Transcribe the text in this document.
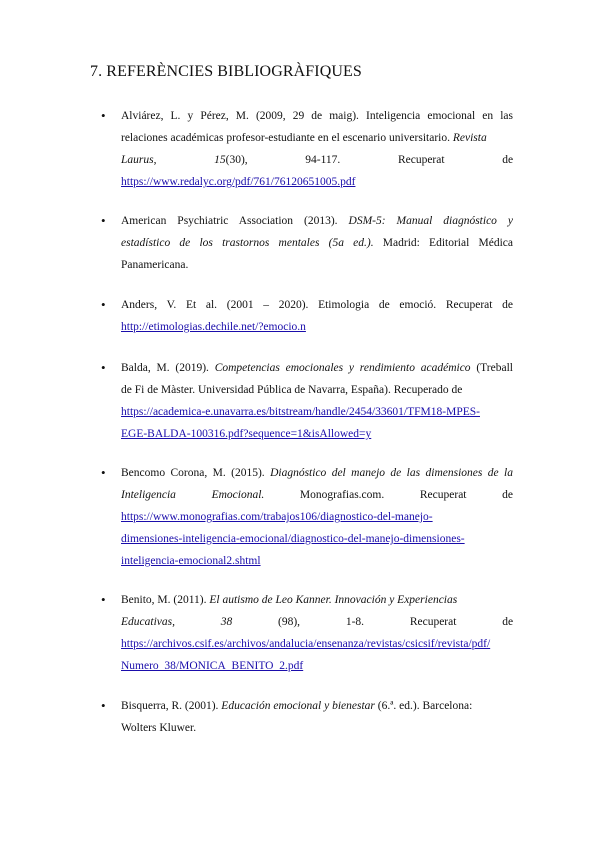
7. REFERÈNCIES BIBLIOGRÀFIQUES
• Alviárez, L. y Pérez, M. (2009, 29 de maig). Inteligencia emocional en las
relaciones académicas profesor-estudiante en el escenario universitario. Revista
Laurus,	15(30),	94-117.	Recuperat	de
https://www.redalyc.org/pdf/761/76120651005.pdf
• American Psychiatric Association (2013). DSM-5: Manual diagnóstico y
estadístico de los trastornos mentales (5a ed.). Madrid: Editorial Médica
Panamericana.
• Anders, V. Et al. (2001 – 2020). Etimologia de emoció. Recuperat de
http://etimologias.dechile.net/?emocio.n
• Balda, M. (2019). Competencias emocionales y rendimiento académico (Treball
de Fi de Màster. Universidad Pública de Navarra, España). Recuperado de
https://academica-e.unavarra.es/bitstream/handle/2454/33601/TFM18-MPES-
EGE-BALDA-100316.pdf?sequence=1&isAllowed=y
• Bencomo Corona, M. (2015). Diagnóstico del manejo de las dimensiones de la
Inteligencia	Emocional.	Monografias.com.	Recuperat	de
https://www.monografias.com/trabajos106/diagnostico-del-manejo-
dimensiones-inteligencia-emocional/diagnostico-del-manejo-dimensiones-
inteligencia-emocional2.shtml
• Benito, M. (2011). El autismo de Leo Kanner. Innovación y Experiencias
Educativas,	38	(98),	1-8.	Recuperat	de
https://archivos.csif.es/archivos/andalucia/ensenanza/revistas/csicsif/revista/pdf/
Numero_38/MONICA_BENITO_2.pdf
• Bisquerra, R. (2001). Educación emocional y bienestar (6.ª. ed.). Barcelona:
Wolters Kluwer.
